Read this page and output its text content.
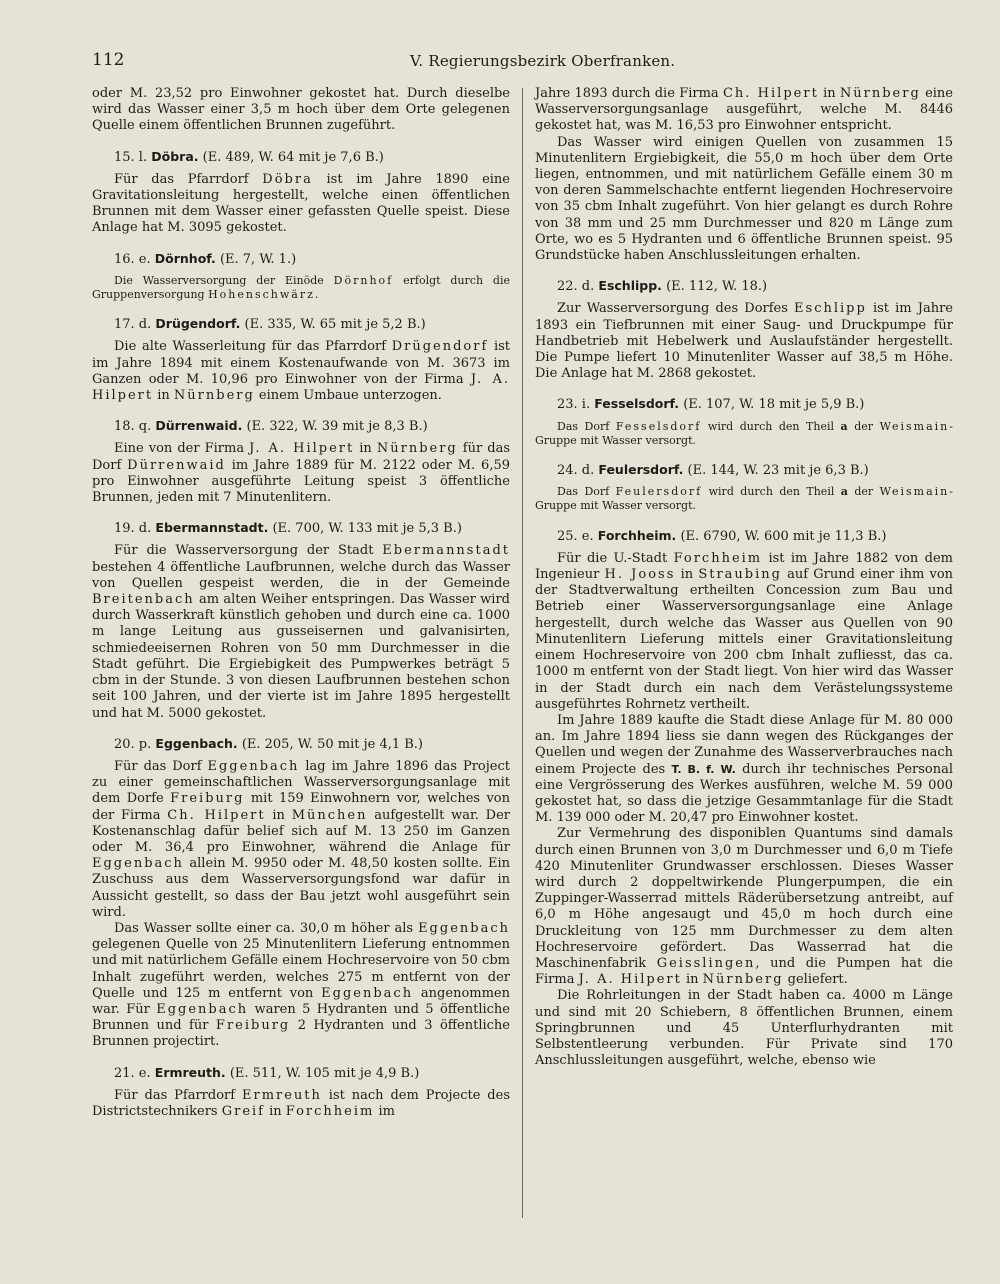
112	V. Regierungsbezirk Oberfranken.

oder M. 23,52 pro Einwohner gekostet hat. Durch dieselbe wird das Wasser einer 3,5 m hoch über dem Orte gelegenen Quelle einem öffentlichen Brunnen zugeführt.

15. l. Döbra. (E. 489, W. 64 mit je 7,6 B.)

Für das Pfarrdorf Döbra ist im Jahre 1890 eine Gravitationsleitung hergestellt, welche einen öffentlichen Brunnen mit dem Wasser einer gefassten Quelle speist. Diese Anlage hat M. 3095 gekostet.

16. e. Dörnhof. (E. 7, W. 1.)

Die Wasserversorgung der Einöde Dörnhof erfolgt durch die Gruppenversorgung Hohenschwärz.

17. d. Drügendorf. (E. 335, W. 65 mit je 5,2 B.)

Die alte Wasserleitung für das Pfarrdorf Drügendorf ist im Jahre 1894 mit einem Kostenaufwande von M. 3673 im Ganzen oder M. 10,96 pro Einwohner von der Firma J. A. Hilpert in Nürnberg einem Umbaue unterzogen.

18. q. Dürrenwaid. (E. 322, W. 39 mit je 8,3 B.)

Eine von der Firma J. A. Hilpert in Nürnberg für das Dorf Dürrenwaid im Jahre 1889 für M. 2122 oder M. 6,59 pro Einwohner ausgeführte Leitung speist 3 öffentliche Brunnen, jeden mit 7 Minutenlitern.

19. d. Ebermannstadt. (E. 700, W. 133 mit je 5,3 B.)

Für die Wasserversorgung der Stadt Ebermannstadt bestehen 4 öffentliche Laufbrunnen, welche durch das Wasser von Quellen gespeist werden, die in der Gemeinde Breitenbach am alten Weiher entspringen. Das Wasser wird durch Wasserkraft künstlich gehoben und durch eine ca. 1000 m lange Leitung aus gusseisernen und galvanisirten, schmiedeeisernen Rohren von 50 mm Durchmesser in die Stadt geführt. Die Ergiebigkeit des Pumpwerkes beträgt 5 cbm in der Stunde. 3 von diesen Laufbrunnen bestehen schon seit 100 Jahren, und der vierte ist im Jahre 1895 hergestellt und hat M. 5000 gekostet.

20. p. Eggenbach. (E. 205, W. 50 mit je 4,1 B.)

Für das Dorf Eggenbach lag im Jahre 1896 das Project zu einer gemeinschaftlichen Wasserversorgungsanlage mit dem Dorfe Freiburg mit 159 Einwohnern vor, welches von der Firma Ch. Hilpert in München aufgestellt war. Der Kostenanschlag dafür belief sich auf M. 13 250 im Ganzen oder M. 36,4 pro Einwohner, während die Anlage für Eggenbach allein M. 9950 oder M. 48,50 kosten sollte. Ein Zuschuss aus dem Wasserversorgungsfond war dafür in Aussicht gestellt, so dass der Bau jetzt wohl ausgeführt sein wird.

Das Wasser sollte einer ca. 30,0 m höher als Eggenbach gelegenen Quelle von 25 Minutenlitern Lieferung entnommen und mit natürlichem Gefälle einem Hochreservoire von 50 cbm Inhalt zugeführt werden, welches 275 m entfernt von der Quelle und 125 m entfernt von Eggenbach angenommen war. Für Eggenbach waren 5 Hydranten und 5 öffentliche Brunnen und für Freiburg 2 Hydranten und 3 öffentliche Brunnen projectirt.

21. e. Ermreuth. (E. 511, W. 105 mit je 4,9 B.)

Für das Pfarrdorf Ermreuth ist nach dem Projecte des Districtstechnikers Greif in Forchheim im

Jahre 1893 durch die Firma Ch. Hilpert in Nürnberg eine Wasserversorgungsanlage ausgeführt, welche M. 8446 gekostet hat, was M. 16,53 pro Einwohner entspricht.

Das Wasser wird einigen Quellen von zusammen 15 Minutenlitern Ergiebigkeit, die 55,0 m hoch über dem Orte liegen, entnommen, und mit natürlichem Gefälle einem 30 m von deren Sammelschachte entfernt liegenden Hochreservoire von 35 cbm Inhalt zugeführt. Von hier gelangt es durch Rohre von 38 mm und 25 mm Durchmesser und 820 m Länge zum Orte, wo es 5 Hydranten und 6 öffentliche Brunnen speist. 95 Grundstücke haben Anschlussleitungen erhalten.

22. d. Eschlipp. (E. 112, W. 18.)

Zur Wasserversorgung des Dorfes Eschlipp ist im Jahre 1893 ein Tiefbrunnen mit einer Saug- und Druckpumpe für Handbetrieb mit Hebelwerk und Auslaufständer hergestellt. Die Pumpe liefert 10 Minutenliter Wasser auf 38,5 m Höhe. Die Anlage hat M. 2868 gekostet.

23. i. Fesselsdorf. (E. 107, W. 18 mit je 5,9 B.)

Das Dorf Fesselsdorf wird durch den Theil a der Weismain-Gruppe mit Wasser versorgt.

24. d. Feulersdorf. (E. 144, W. 23 mit je 6,3 B.)

Das Dorf Feulersdorf wird durch den Theil a der Weismain-Gruppe mit Wasser versorgt.

25. e. Forchheim. (E. 6790, W. 600 mit je 11,3 B.)

Für die U.-Stadt Forchheim ist im Jahre 1882 von dem Ingenieur H. Jooss in Straubing auf Grund einer ihm von der Stadtverwaltung ertheilten Concession zum Bau und Betrieb einer Wasserversorgungsanlage eine Anlage hergestellt, durch welche das Wasser aus Quellen von 90 Minutenlitern Lieferung mittels einer Gravitationsleitung einem Hochreservoire von 200 cbm Inhalt zufliesst, das ca. 1000 m entfernt von der Stadt liegt. Von hier wird das Wasser in der Stadt durch ein nach dem Verästelungssysteme ausgeführtes Rohrnetz vertheilt.

Im Jahre 1889 kaufte die Stadt diese Anlage für M. 80 000 an. Im Jahre 1894 liess sie dann wegen des Rückganges der Quellen und wegen der Zunahme des Wasserverbrauches nach einem Projecte des T. B. f. W. durch ihr technisches Personal eine Vergrösserung des Werkes ausführen, welche M. 59 000 gekostet hat, so dass die jetzige Gesammtanlage für die Stadt M. 139 000 oder M. 20,47 pro Einwohner kostet.

Zur Vermehrung des disponiblen Quantums sind damals durch einen Brunnen von 3,0 m Durchmesser und 6,0 m Tiefe 420 Minutenliter Grundwasser erschlossen. Dieses Wasser wird durch 2 doppeltwirkende Plungerpumpen, die ein Zuppinger-Wasserrad mittels Räderübersetzung antreibt, auf 6,0 m Höhe angesaugt und 45,0 m hoch durch eine Druckleitung von 125 mm Durchmesser zu dem alten Hochreservoire gefördert. Das Wasserrad hat die Maschinenfabrik Geisslingen, und die Pumpen hat die Firma J. A. Hilpert in Nürnberg geliefert.

Die Rohrleitungen in der Stadt haben ca. 4000 m Länge und sind mit 20 Schiebern, 8 öffentlichen Brunnen, einem Springbrunnen und 45 Unterflurhydranten mit Selbstentleerung verbunden. Für Private sind 170 Anschlussleitungen ausgeführt, welche, ebenso wie
